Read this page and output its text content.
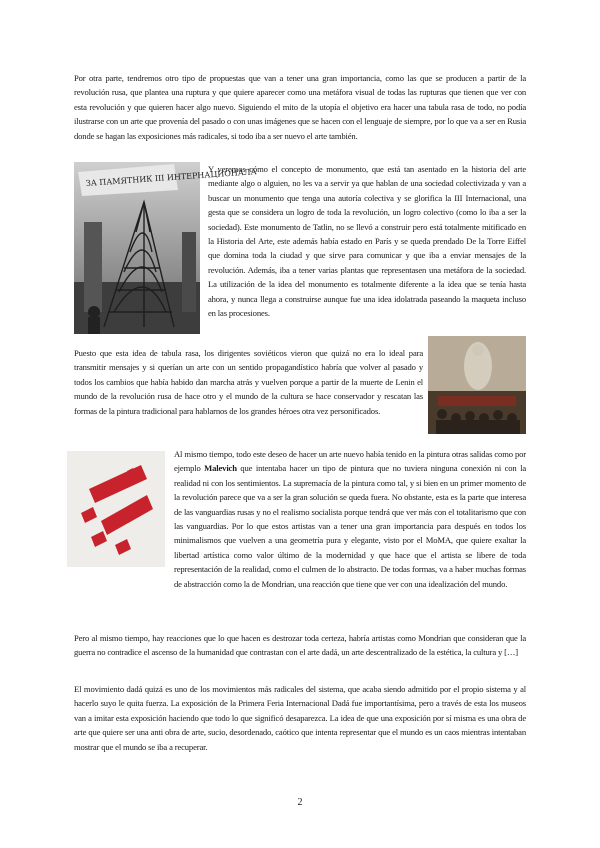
Por otra parte, tendremos otro tipo de propuestas que van a tener una gran importancia, como las que se producen a partir de la revolución rusa, que plantea una ruptura y que quiere aparecer como una metáfora visual de todas las rupturas que tienen que ver con esta revolución y que quieren hacer algo nuevo. Siguiendo el mito de la utopía el objetivo era hacer una tabula rasa de todo, no podía ilustrarse con un arte que provenía del pasado o con unas imágenes que se hacen con el lenguaje de siempre, por lo que va a ser en Rusia donde se hagan las exposiciones más radicales, si todo iba a ser nuevo el arte también.

ЗА ПАМЯТНИК III ИНТЕРНАЦИОНАЛА

Y veremos cómo el concepto de monumento, que está tan asentado en la historia del arte mediante algo o alguien, no les va a servir ya que hablan de una sociedad colectivizada y van a buscar un monumento que tenga una autoría colectiva y se glorifica la III Internacional, una gesta que se considera un logro de toda la revolución, un logro colectivo (como lo iba a ser la sociedad). Este monumento de Tatlin, no se llevó a construir pero está totalmente mitificado en la Historia del Arte, este además había estado en París y se queda prendado De la Torre Eiffel que domina toda la ciudad y que sirve para comunicar y que iba a enviar mensajes de la revolución. Además, iba a tener varias plantas que representasen una metáfora de la sociedad. La utilización de la idea del monumento es totalmente diferente a la idea que se tenía hasta ahora, y nunca llega a construirse aunque fue una idea idolatrada paseando la maqueta incluso en las procesiones.

Puesto que esta idea de tabula rasa, los dirigentes soviéticos vieron que quizá no era lo ideal para transmitir mensajes y si querían un arte con un sentido propagandístico habría que volver al pasado y todos los cambios que había habido dan marcha atrás y vuelven porque a partir de la muerte de Lenin el mundo de la revolución rusa de hace otro y el mundo de la cultura se hace conservador y rescatan las formas de la pintura tradicional para hablarnos de los grandes héroes otra vez personificados.

Al mismo tiempo, todo este deseo de hacer un arte nuevo había tenido en la pintura otras salidas como por ejemplo Malevich que intentaba hacer un tipo de pintura que no tuviera ninguna conexión ni con la realidad ni con los sentimientos. La supremacía de la pintura como tal, y si bien en un primer momento de la revolución parece que va a ser la gran solución se queda fuera. No obstante, esta es la parte que interesa de las vanguardias rusas y no el realismo socialista porque tendrá que ver más con el totalitarismo que con las vanguardias. Por lo que estos artistas van a tener una gran importancia para después en todos los minimalismos que vuelven a una geometría pura y elegante, visto por el MoMA, que quiere exaltar la libertad artística como valor último de la modernidad y que hace que el artista se libere de toda representación de la realidad, como el culmen de lo abstracto. De todas formas, va a haber muchas formas de abstracción como la de Mondrian, una reacción que tiene que ver con una idealización del mundo.

Pero al mismo tiempo, hay reacciones que lo que hacen es destrozar toda certeza, habría artistas como Mondrian que consideran que la guerra no contradice el ascenso de la humanidad que contrastan con el arte dadá, un arte descentralizado de la estética, la cultura y […]

El movimiento dadá quizá es uno de los movimientos más radicales del sistema, que acaba siendo admitido por el propio sistema y al hacerlo suyo le quita fuerza. La exposición de la Primera Feria Internacional Dadá fue importantísima, pero a través de esta los museos van a imitar esta exposición haciendo que todo lo que significó desaparezca. La idea de que una exposición por sí misma es una obra de arte que quiere ser una anti obra de arte, sucio, desordenado, caótico que intenta representar que el mundo es un caos mientras intentaban mostrar que el mundo se iba a recuperar.

2
